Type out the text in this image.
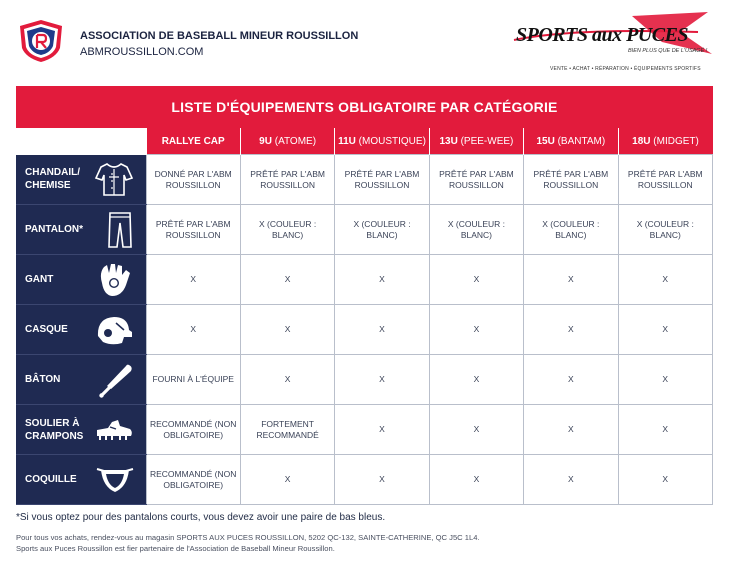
ASSOCIATION DE BASEBALL MINEUR ROUSSILLON
ABMROUSSILLON.COM
SPORTS aux PUCES
BIEN PLUS QUE DE L'USAGÉ !
VENTE • ACHAT • RÉPARATION • ÉQUIPEMENTS SPORTIFS
LISTE D'ÉQUIPEMENTS OBLIGATOIRE PAR CATÉGORIE
	RALLYE CAP	9U (ATOME)	11U (MOUSTIQUE)	13U (PEE-WEE)	15U (BANTAM)	18U (MIDGET)
CHANDAIL/ CHEMISE	DONNÉ PAR L'ABM ROUSSILLON	PRÊTÉ PAR L'ABM ROUSSILLON	PRÊTÉ PAR L'ABM ROUSSILLON	PRÊTÉ PAR L'ABM ROUSSILLON	PRÊTÉ PAR L'ABM ROUSSILLON	PRÊTÉ PAR L'ABM ROUSSILLON
PANTALON*	PRÊTÉ PAR L'ABM ROUSSILLON	X (COULEUR : BLANC)	X (COULEUR : BLANC)	X (COULEUR : BLANC)	X (COULEUR : BLANC)	X (COULEUR : BLANC)
GANT	X	X	X	X	X	X
CASQUE	X	X	X	X	X	X
BÂTON	FOURNI À L'ÉQUIPE	X	X	X	X	X
SOULIER À CRAMPONS	RECOMMANDÉ (NON OBLIGATOIRE)	FORTEMENT RECOMMANDÉ	X	X	X	X
COQUILLE	RECOMMANDÉ (NON OBLIGATOIRE)	X	X	X	X	X
*Si vous optez pour des pantalons courts, vous devez avoir une paire de bas bleus.
Pour tous vos achats, rendez-vous au magasin SPORTS AUX PUCES ROUSSILLON, 5202 QC-132, SAINTE-CATHERINE, QC J5C 1L4.
Sports aux Puces Roussillon est fier partenaire de l'Association de Baseball Mineur Roussillon.
